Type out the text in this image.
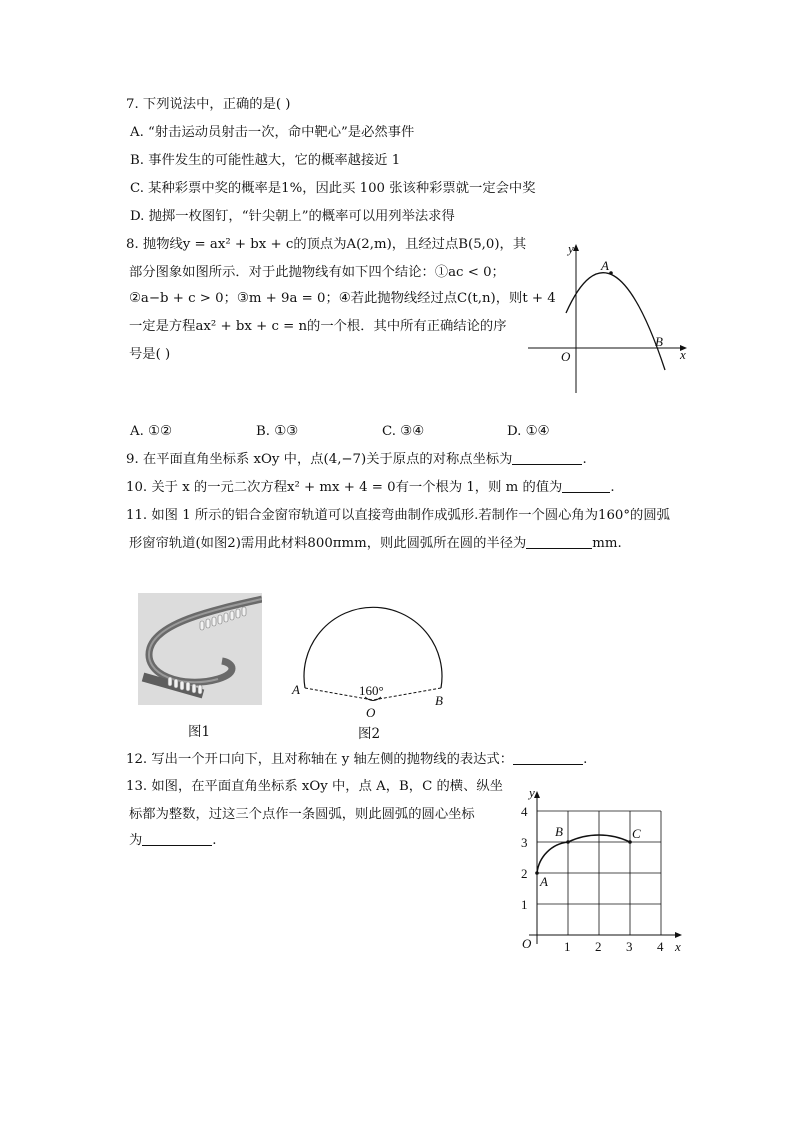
7. 下列说法中，正确的是( )
A. “射击运动员射击一次，命中靶心”是必然事件
B. 事件发生的可能性越大，它的概率越接近 1
C. 某种彩票中奖的概率是1%，因此买 100 张该种彩票就一定会中奖
D. 抛掷一枚图钉，“针尖朝上”的概率可以用列举法求得
8. 抛物线y = ax² + bx + c的顶点为A(2,m)，且经过点B(5,0)，其
部分图象如图所示．对于此抛物线有如下四个结论：①ac < 0；
②a−b + c > 0；③m + 9a = 0；④若此抛物线经过点C(t,n)，则t + 4
一定是方程ax² + bx + c = n的一个根．其中所有正确结论的序
号是( )
y
x
O
A
B
A. ①②	B. ①③	C. ③④	D. ①④
9. 在平面直角坐标系 xOy 中，点(4,−7)关于原点的对称点坐标为	.
10. 关于 x 的一元二次方程x² + mx + 4 = 0有一个根为 1，则 m 的值为	.
11. 如图 1 所示的铝合金窗帘轨道可以直接弯曲制作成弧形.若制作一个圆心角为160°的圆弧
形窗帘轨道(如图2)需用此材料800πmm，则此圆弧所在圆的半径为	mm.
图1
160°
A
B
O
图2
12. 写出一个开口向下，且对称轴在 y 轴左侧的抛物线的表达式：	.
13. 如图，在平面直角坐标系 xOy 中，点 A，B，C 的横、纵坐
标都为整数，过这三个点作一条圆弧，则此圆弧的圆心坐标
为	.
y
x
O	1 2 3 4
1
2
3
4
A
B	C
